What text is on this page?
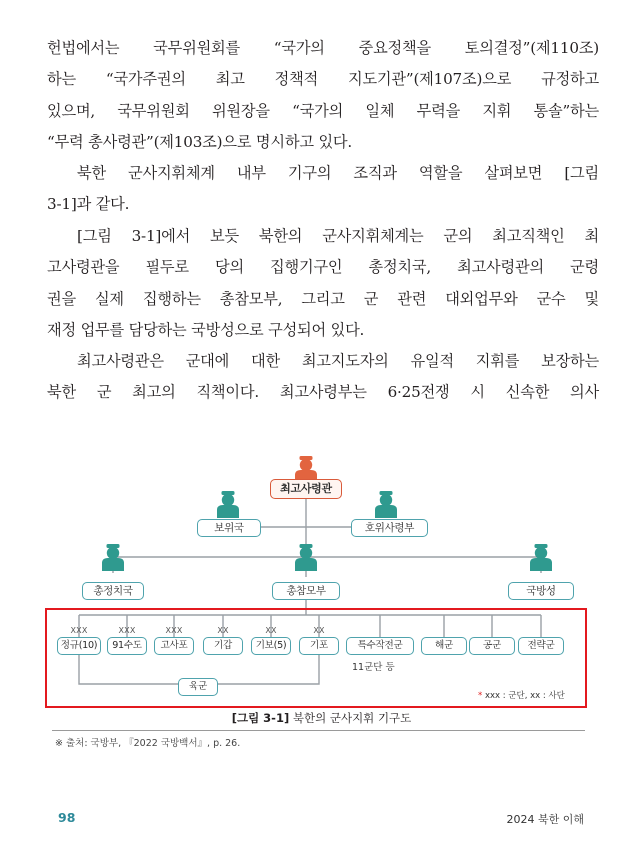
헌법에서는 국무위원회를 “국가의 중요정책을 토의결정”(제110조)
하는 “국가주권의 최고 정책적 지도기관”(제107조)으로 규정하고
있으며, 국무위원회 위원장을 “국가의 일체 무력을 지휘 통솔”하는
“무력 총사령관”(제103조)으로 명시하고 있다.
북한 군사지휘체계 내부 기구의 조직과 역할을 살펴보면 [그림
3-1]과 같다.
[그림 3-1]에서 보듯 북한의 군사지휘체계는 군의 최고직책인 최
고사령관을 필두로 당의 집행기구인 총정치국, 최고사령관의 군령
권을 실제 집행하는 총참모부, 그리고 군 관련 대외업무와 군수 및
재정 업무를 담당하는 국방성으로 구성되어 있다.
최고사령관은 군대에 대한 최고지도자의 유일적 지휘를 보장하는
북한 군 최고의 직책이다. 최고사령부는 6·25전쟁 시 신속한 의사
최고사령관
보위국	호위사령부
총정치국	총참모부	국방성
XXX	XXX	XXX	XX	XX	XX
정규(10)	91수도	고사포	기갑	기보(5)	기포	특수작전군	해군	공군	전략군
11군단 등
육군
* xxx : 군단, xx : 사단
[그림 3-1] 북한의 군사지휘 기구도
※ 출처: 국방부, 『2022 국방백서』, p. 26.
98	2024 북한 이해
